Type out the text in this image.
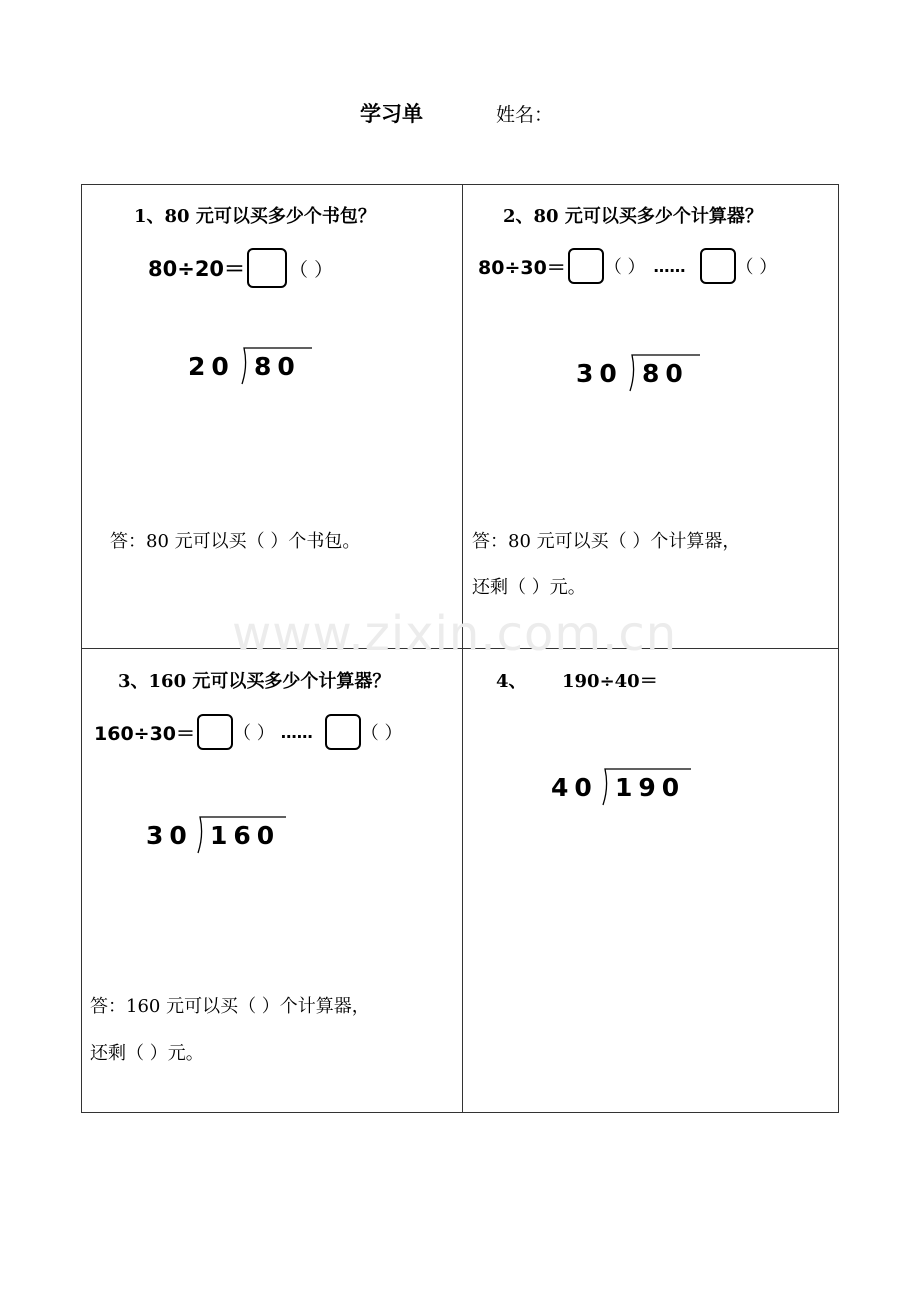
学习单	姓名：
www.zixin.com.cn
1、80 元可以买多少个书包？
80÷20＝ （ ）
20 80
答：80 元可以买（ ）个书包。
2、80 元可以买多少个计算器？
80÷30＝ （ ） ……	（ ）
30 80
答：80 元可以买（ ）个计算器，
还剩（ ）元。
3、160 元可以买多少个计算器？
160÷30＝ （ ） ……	（ ）
30 160
答：160 元可以买（ ）个计算器，
还剩（ ）元。
4、 190÷40＝
40 190
